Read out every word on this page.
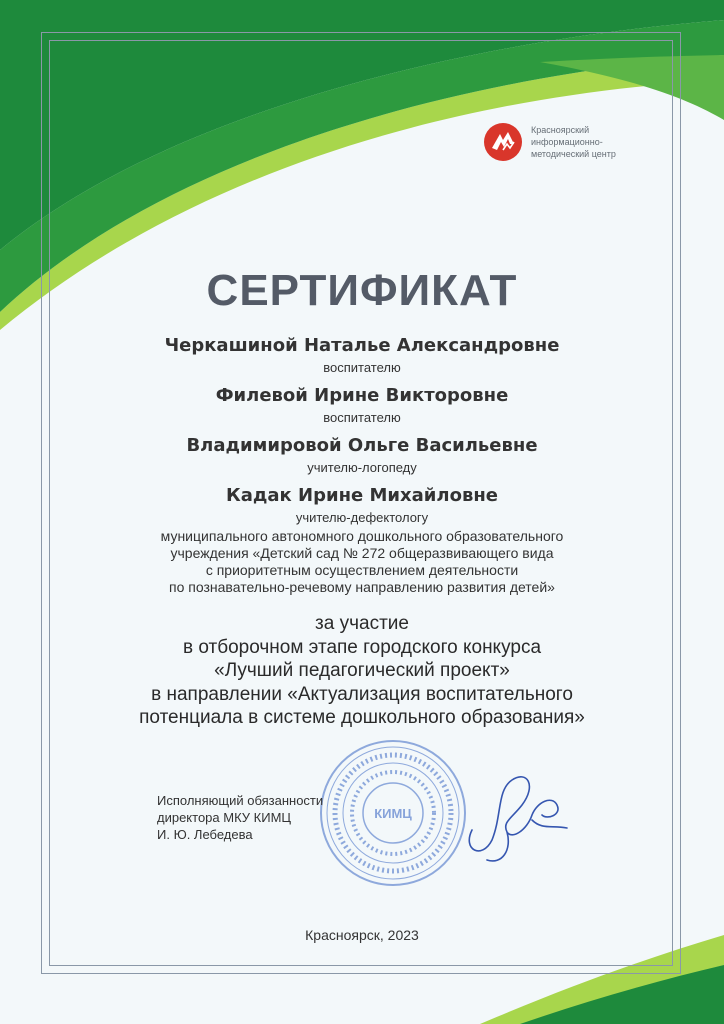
Красноярский
информационно-
методический центр
СЕРТИФИКАТ
Черкашиной Наталье Александровне
воспитателю
Филевой Ирине Викторовне
воспитателю
Владимировой Ольге Васильевне
учителю-логопеду
Кадак Ирине Михайловне
учителю-дефектологу
муниципального автономного дошкольного образовательного
учреждения «Детский сад № 272 общеразвивающего вида
с приоритетным осуществлением деятельности
по познавательно-речевому направлению развития детей»
за участие
в отборочном этапе городского конкурса
«Лучший педагогический проект»
в направлении «Актуализация воспитательного
потенциала в системе дошкольного образования»
КИМЦ
Исполняющий обязанности
директора МКУ КИМЦ
И. Ю. Лебедева
Красноярск, 2023
